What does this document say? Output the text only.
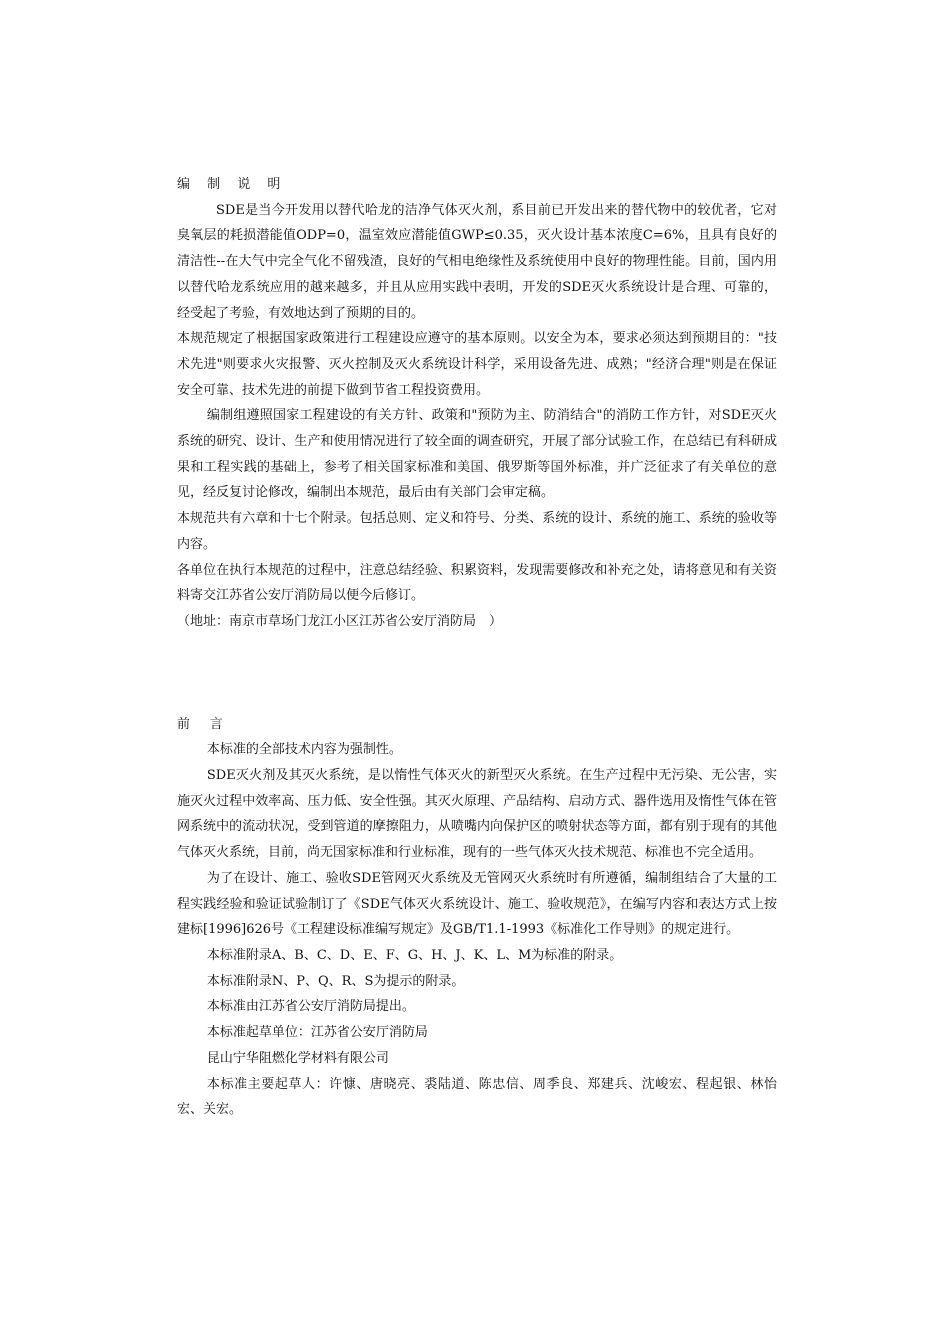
编 制 说 明

SDE是当今开发用以替代哈龙的洁净气体灭火剂，系目前已开发出来的替代物中的较优者，它对臭氧层的耗损潜能值ODP=0，温室效应潜能值GWP≤0.35，灭火设计基本浓度C=6%，且具有良好的清洁性--在大气中完全气化不留残渣，良好的气相电绝缘性及系统使用中良好的物理性能。目前，国内用以替代哈龙系统应用的越来越多，并且从应用实践中表明，开发的SDE灭火系统设计是合理、可靠的，经受起了考验，有效地达到了预期的目的。

本规范规定了根据国家政策进行工程建设应遵守的基本原则。以安全为本，要求必须达到预期目的："技术先进"则要求火灾报警、灭火控制及灭火系统设计科学，采用设备先进、成熟；"经济合理"则是在保证安全可靠、技术先进的前提下做到节省工程投资费用。

编制组遵照国家工程建设的有关方针、政策和"预防为主、防消结合"的消防工作方针，对SDE灭火系统的研究、设计、生产和使用情况进行了较全面的调查研究，开展了部分试验工作，在总结已有科研成果和工程实践的基础上，参考了相关国家标准和美国、俄罗斯等国外标准，并广泛征求了有关单位的意见，经反复讨论修改，编制出本规范，最后由有关部门会审定稿。

本规范共有六章和十七个附录。包括总则、定义和符号、分类、系统的设计、系统的施工、系统的验收等内容。

各单位在执行本规范的过程中，注意总结经验、积累资料，发现需要修改和补充之处，请将意见和有关资料寄交江苏省公安厅消防局以便今后修订。

（地址：南京市草场门龙江小区江苏省公安厅消防局　）

前 言

本标准的全部技术内容为强制性。

SDE灭火剂及其灭火系统，是以惰性气体灭火的新型灭火系统。在生产过程中无污染、无公害，实施灭火过程中效率高、压力低、安全性强。其灭火原理、产品结构、启动方式、器件选用及惰性气体在管网系统中的流动状况，受到管道的摩擦阻力，从喷嘴内向保护区的喷射状态等方面，都有别于现有的其他气体灭火系统，目前，尚无国家标准和行业标准，现有的一些气体灭火技术规范、标准也不完全适用。

为了在设计、施工、验收SDE管网灭火系统及无管网灭火系统时有所遵循，编制组结合了大量的工程实践经验和验证试验制订了《SDE气体灭火系统设计、施工、验收规范》，在编写内容和表达方式上按建标[1996]626号《工程建设标准编写规定》及GB/T1.1-1993《标准化工作导则》的规定进行。

本标准附录A、B、C、D、E、F、G、H、J、K、L、M为标准的附录。

本标准附录N、P、Q、R、S为提示的附录。

本标准由江苏省公安厅消防局提出。

本标准起草单位：江苏省公安厅消防局

昆山宁华阻燃化学材料有限公司

本标准主要起草人：许慷、唐晓亮、裘陆道、陈忠信、周季良、郑建兵、沈峻宏、程起银、林怡宏、关宏。
